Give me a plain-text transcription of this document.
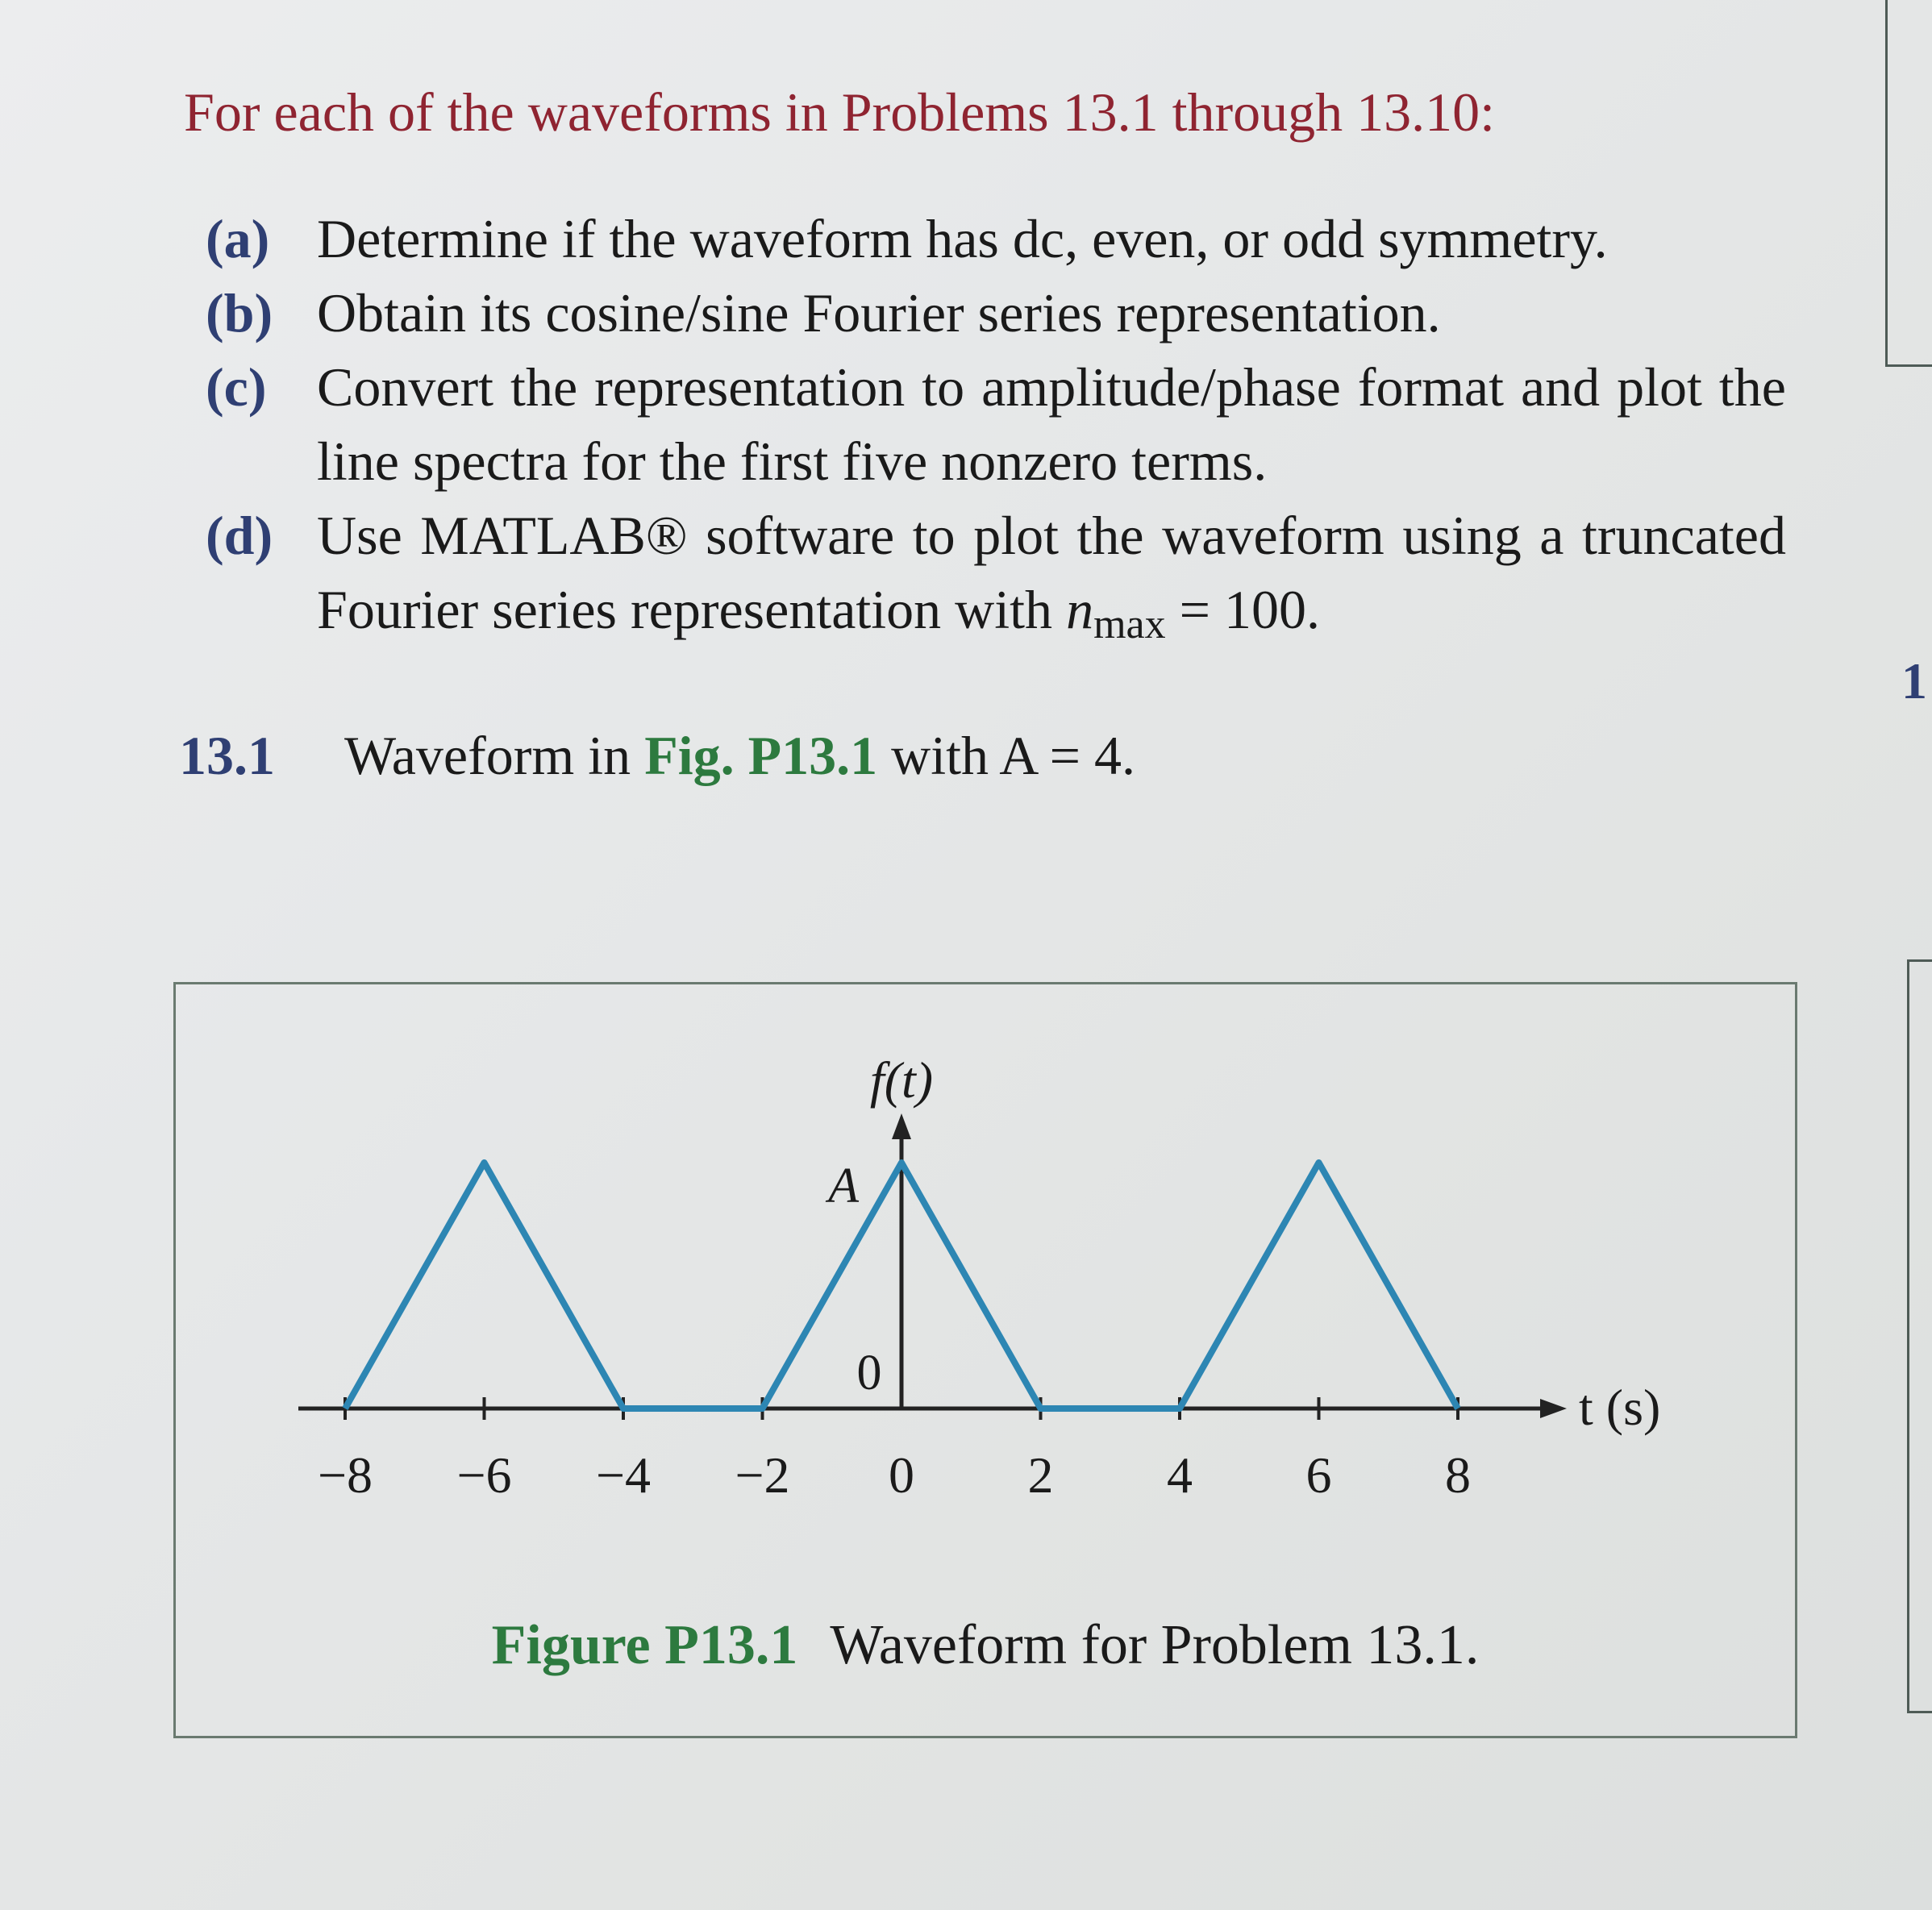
For each of the waveforms in Problems 13.1 through 13.10:
(a) Determine if the waveform has dc, even, or odd symmetry.
(b) Obtain its cosine/sine Fourier series representation.
(c) Convert the representation to amplitude/phase format and plot the line spectra for the first five nonzero terms.
(d) Use MATLAB® software to plot the waveform using a truncated Fourier series representation with $n_{max} = 100$.
13.1 Waveform in Fig. P13.1 with A = 4.
−8 −6 −4 −2 0 2 4 6 8
f(t)
A
0
t (s)
Figure P13.1 Waveform for Problem 13.1.
1
